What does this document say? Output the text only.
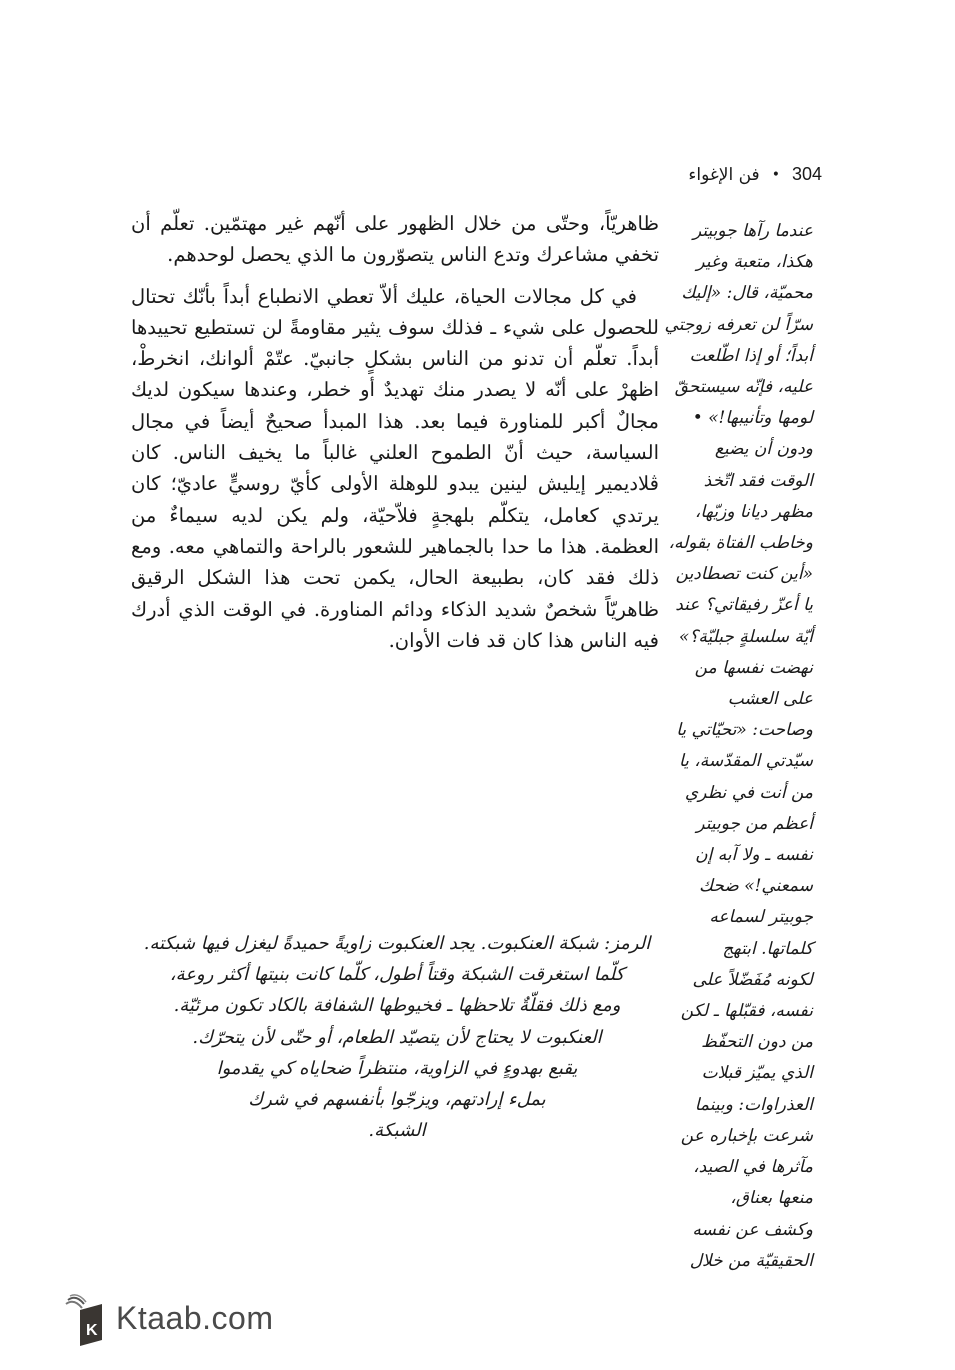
304
•
فن الإغواء

ظاهريّاً، وحتّى من خلال الظهور على أنّهم غير مهتمّين. تعلّم أن تخفي مشاعرك وتدع الناس يتصوّرون ما الذي يحصل لوحدهم.

في كل مجالات الحياة، عليك ألاّ تعطي الانطباع أبداً بأنّك تحتال للحصول على شيء ـ فذلك سوف يثير مقاومةً لن تستطيع تحييدها أبداً. تعلّم أن تدنو من الناس بشكلٍ جانبيّ. عتّمْ ألوانك، انخرطْ، اظهرْ على أنّه لا يصدر منك تهديدٌ أو خطر، وعندها سيكون لديك مجالٌ أكبر للمناورة فيما بعد. هذا المبدأ صحيحٌ أيضاً في مجال السياسة، حيث أنّ الطموح العلني غالباً ما يخيف الناس. كان ڤلاديمير إيليش لينين يبدو للوهلة الأولى كأيّ روسيٍّ عاديّ؛ كان يرتدي كعامل، يتكلّم بلهجةٍ فلاّحيّة، ولم يكن لديه سيماءٌ من العظمة. هذا ما حدا بالجماهير للشعور بالراحة والتماهي معه. ومع ذلك فقد كان، بطبيعة الحال، يكمن تحت هذا الشكل الرقيق ظاهريّاً شخصٌ شديد الذكاء ودائم المناورة. في الوقت الذي أدرك فيه الناس هذا كان قد فات الأوان.

عندما رآها جوبيتر
هكذا، متعبة وغير
محميّة، قال: «إليك
سرّاً لن تعرفه زوجتي
أبداً؛ أو إذا اطّلعت
عليه، فإنّه سيستحقّ
لومها وتأنيبها!» •
ودون أن يضيع
الوقت فقد اتّخذ
مظهر ديانا وزيّها،
وخاطب الفتاة بقوله،
«أين كنت تصطادين
يا أعزّ رفيقاتي؟ عند
أيّة سلسلةٍ جبليّة؟»
نهضت نفسها من
على العشب
وصاحت: «تحيّاتي يا
سيّدتي المقدّسة، يا
من أنت في نظري
أعظم من جوبيتر
نفسه ـ ولا آبه إن
سمعني!» ضحك
جوبيتر لسماعه
كلماتها. ابتهج
لكونه مُفَضّلاً على
نفسه، فقبّلها ـ لكن
من دون التحفّظ
الذي يميّز قبلات
العذراوات: وبينما
شرعت بإخباره عن
مآثرها في الصيد،
منعها بعناق،
وكشف عن نفسه
الحقيقيّة من خلال
الرمز: شبكة العنكبوت. يجد العنكبوت زاويةً حميدةً ليغزل فيها شبكته.
كلّما استغرقت الشبكة وقتاً أطول، كلّما كانت بنيتها أكثر روعة،
ومع ذلك فقلّةٌ تلاحظها ـ فخيوطها الشفافة بالكاد تكون مرئيّة.
العنكبوت لا يحتاج لأن يتصيّد الطعام، أو حتّى لأن يتحرّك.
يقبع بهدوءٍ في الزاوية، منتظراً ضحاياه كي يقدموا
بملء إرادتهم، ويزجّوا بأنفسهم في شرك
الشبكة.
K Ktaab.com
